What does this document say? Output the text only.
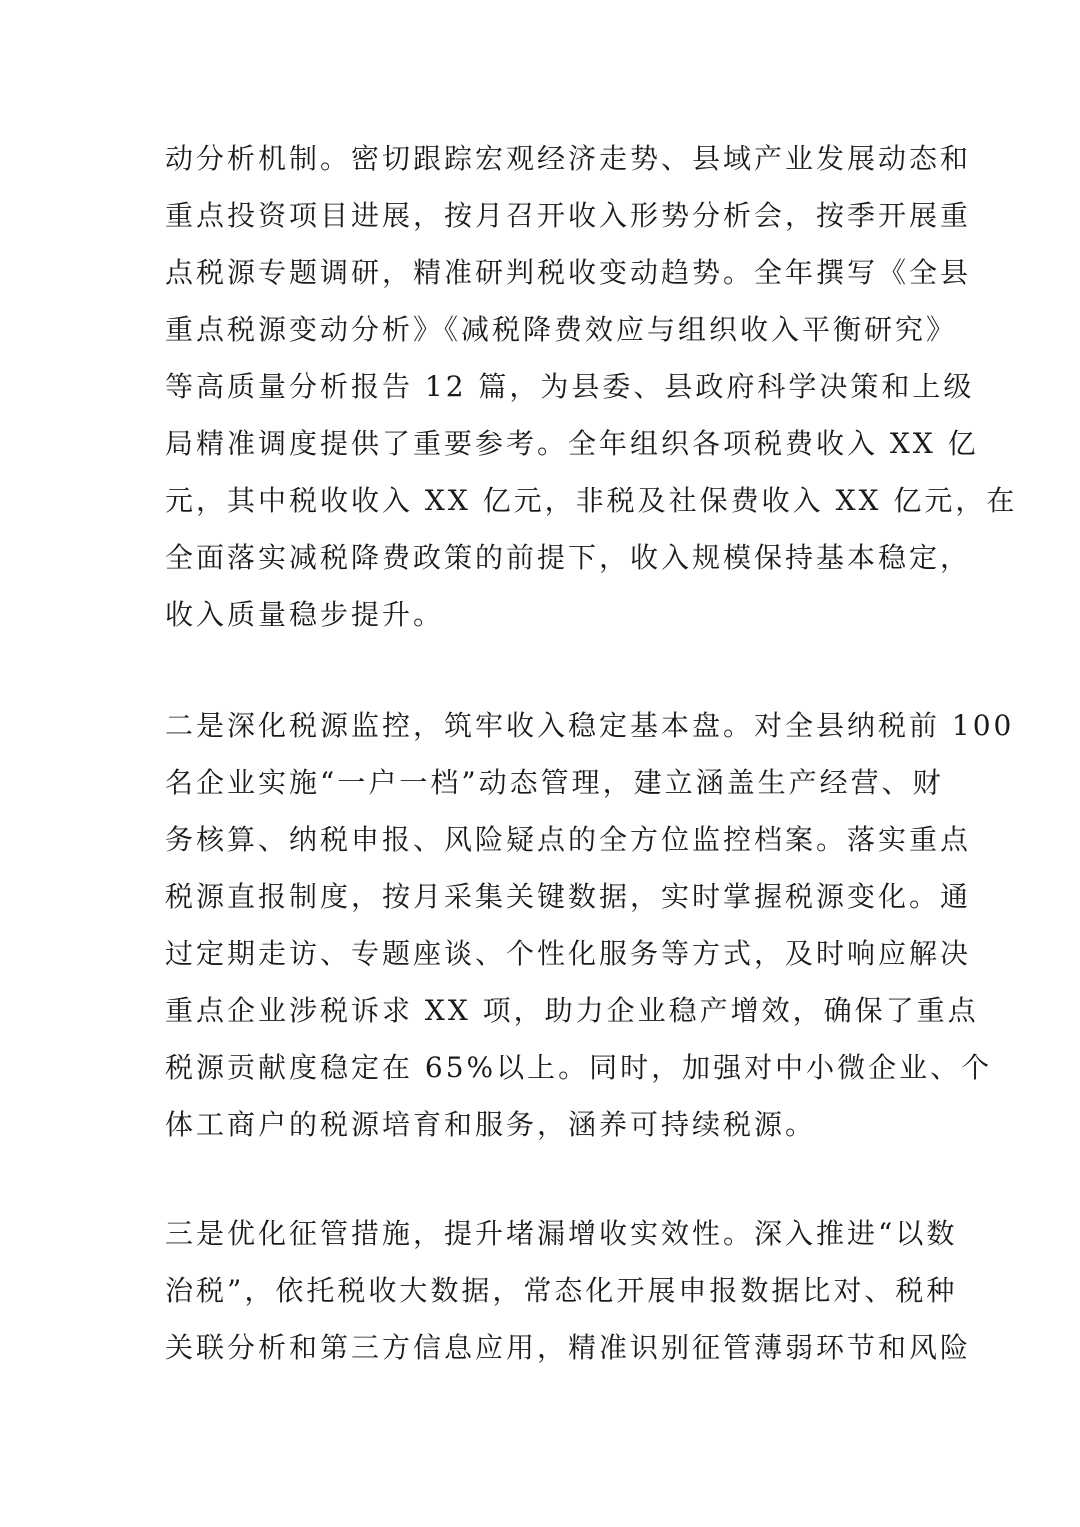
动分析机制。密切跟踪宏观经济走势、县域产业发展动态和
重点投资项目进展，按月召开收入形势分析会，按季开展重
点税源专题调研，精准研判税收变动趋势。全年撰写《全县
重点税源变动分析》《减税降费效应与组织收入平衡研究》
等高质量分析报告 12 篇，为县委、县政府科学决策和上级
局精准调度提供了重要参考。全年组织各项税费收入 XX 亿
元，其中税收收入 XX 亿元，非税及社保费收入 XX 亿元，在
全面落实减税降费政策的前提下，收入规模保持基本稳定，
收入质量稳步提升。

二是深化税源监控，筑牢收入稳定基本盘。对全县纳税前 100
名企业实施“一户一档”动态管理，建立涵盖生产经营、财
务核算、纳税申报、风险疑点的全方位监控档案。落实重点
税源直报制度，按月采集关键数据，实时掌握税源变化。通
过定期走访、专题座谈、个性化服务等方式，及时响应解决
重点企业涉税诉求 XX 项，助力企业稳产增效，确保了重点
税源贡献度稳定在 65%以上。同时，加强对中小微企业、个
体工商户的税源培育和服务，涵养可持续税源。

三是优化征管措施，提升堵漏增收实效性。深入推进“以数
治税”，依托税收大数据，常态化开展申报数据比对、税种
关联分析和第三方信息应用，精准识别征管薄弱环节和风险
